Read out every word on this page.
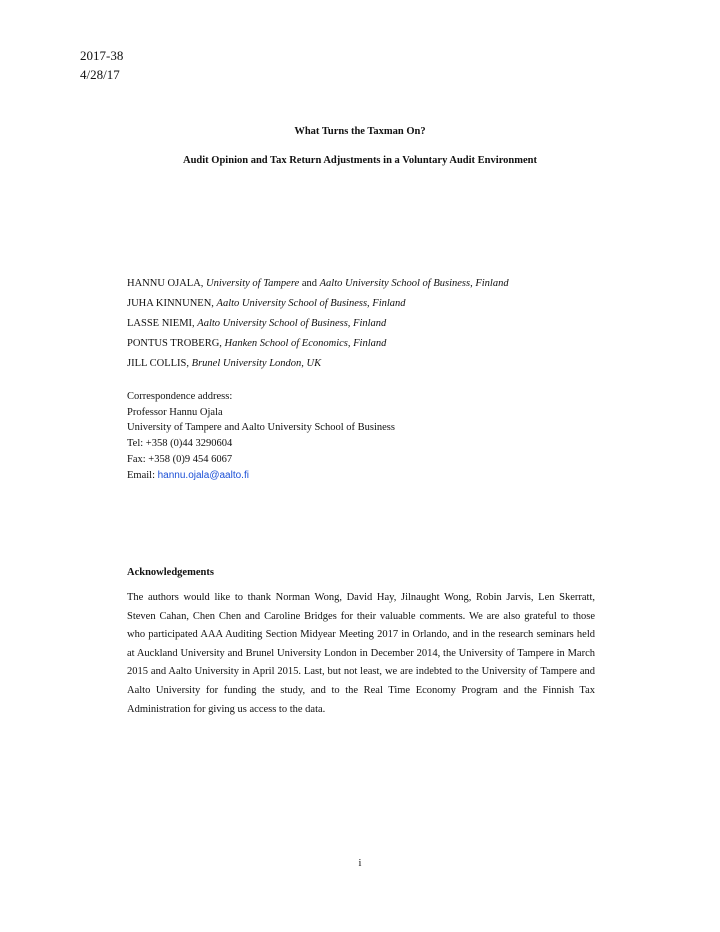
2017-38
4/28/17
What Turns the Taxman On?
Audit Opinion and Tax Return Adjustments in a Voluntary Audit Environment
HANNU OJALA, University of Tampere and Aalto University School of Business, Finland
JUHA KINNUNEN, Aalto University School of Business, Finland
LASSE NIEMI, Aalto University School of Business, Finland
PONTUS TROBERG, Hanken School of Economics, Finland
JILL COLLIS, Brunel University London, UK
Correspondence address:
Professor Hannu Ojala
University of Tampere and Aalto University School of Business
Tel: +358 (0)44 3290604
Fax: +358 (0)9 454 6067
Email: hannu.ojala@aalto.fi
Acknowledgements
The authors would like to thank Norman Wong, David Hay, Jilnaught Wong, Robin Jarvis, Len Skerratt, Steven Cahan, Chen Chen and Caroline Bridges for their valuable comments. We are also grateful to those who participated AAA Auditing Section Midyear Meeting 2017 in Orlando, and in the research seminars held at Auckland University and Brunel University London in December 2014, the University of Tampere in March 2015 and Aalto University in April 2015. Last, but not least, we are indebted to the University of Tampere and Aalto University for funding the study, and to the Real Time Economy Program and the Finnish Tax Administration for giving us access to the data.
i
